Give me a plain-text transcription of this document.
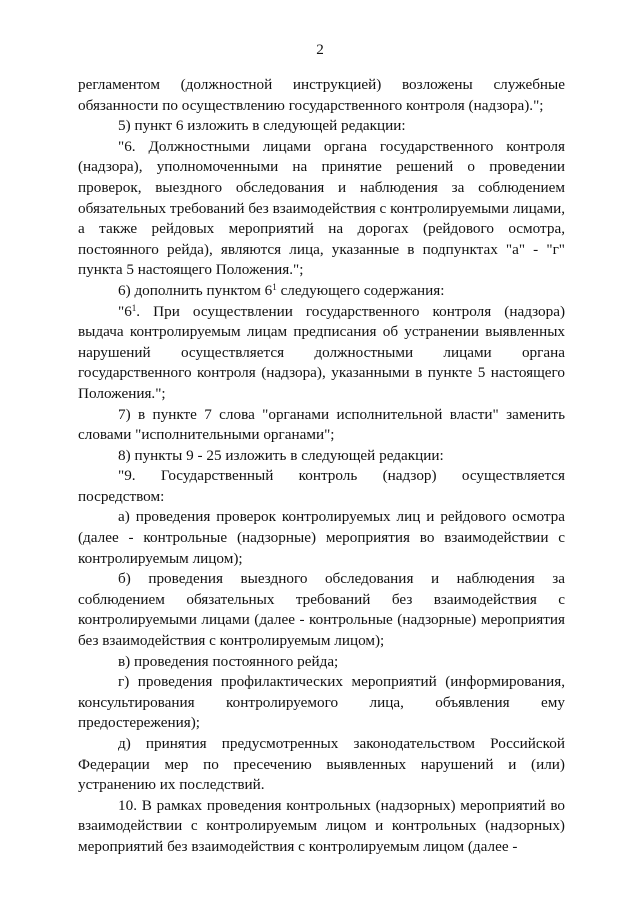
2

регламентом (должностной инструкцией) возложены служебные обязанности по осуществлению государственного контроля (надзора).";

5) пункт 6 изложить в следующей редакции:

"6. Должностными лицами органа государственного контроля (надзора), уполномоченными на принятие решений о проведении проверок, выездного обследования и наблюдения за соблюдением обязательных требований без взаимодействия с контролируемыми лицами, а также рейдовых мероприятий на дорогах (рейдового осмотра, постоянного рейда), являются лица, указанные в подпунктах "а" - "г" пункта 5 настоящего Положения.";

6) дополнить пунктом $6^1$ следующего содержания:

"$6^1$. При осуществлении государственного контроля (надзора) выдача контролируемым лицам предписания об устранении выявленных нарушений осуществляется должностными лицами органа государственного контроля (надзора), указанными в пункте 5 настоящего Положения.";

7) в пункте 7 слова "органами исполнительной власти" заменить словами "исполнительными органами";

8) пункты 9 - 25 изложить в следующей редакции:

"9. Государственный контроль (надзор) осуществляется посредством:

а) проведения проверок контролируемых лиц и рейдового осмотра (далее - контрольные (надзорные) мероприятия во взаимодействии с контролируемым лицом);

б) проведения выездного обследования и наблюдения за соблюдением обязательных требований без взаимодействия с контролируемыми лицами (далее - контрольные (надзорные) мероприятия без взаимодействия с контролируемым лицом);

в) проведения постоянного рейда;

г) проведения профилактических мероприятий (информирования, консультирования контролируемого лица, объявления ему предостережения);

д) принятия предусмотренных законодательством Российской Федерации мер по пресечению выявленных нарушений и (или) устранению их последствий.

10. В рамках проведения контрольных (надзорных) мероприятий во взаимодействии с контролируемым лицом и контрольных (надзорных) мероприятий без взаимодействия с контролируемым лицом (далее -
